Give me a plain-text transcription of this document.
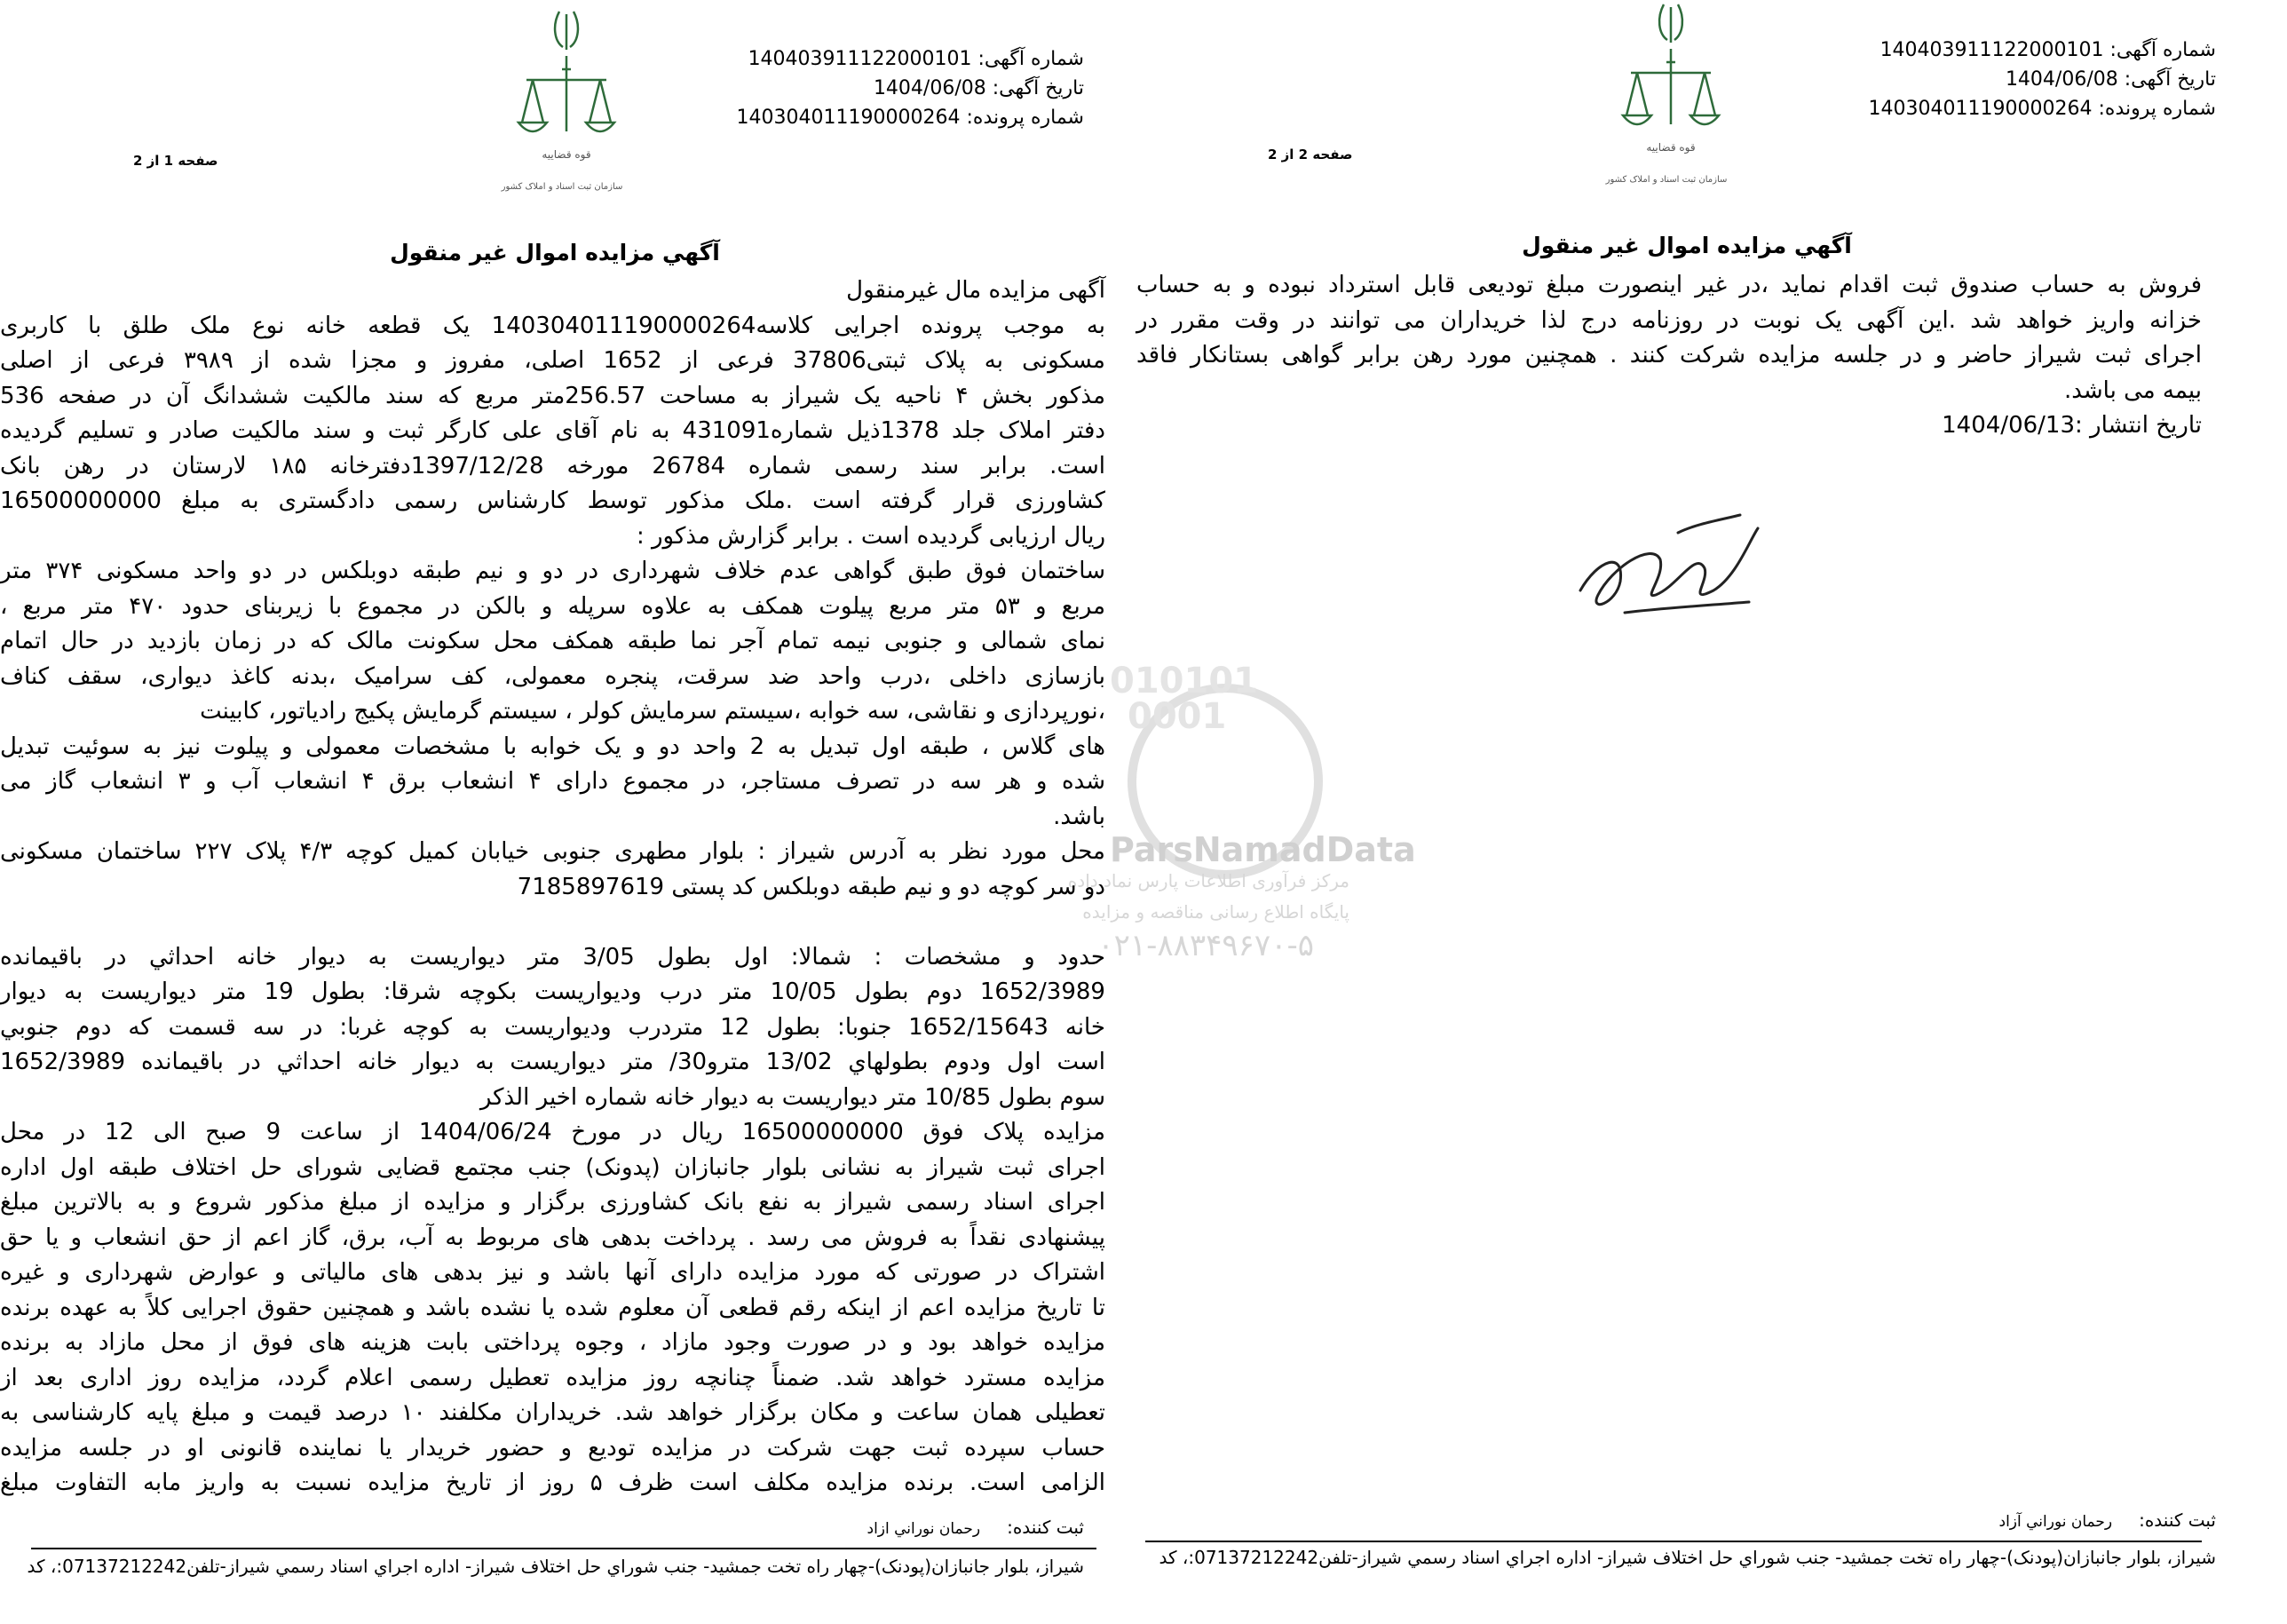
010101
0001
ParsNamadData
مرکز فرآوری اطلاعات پارس نماد داده
پایگاه اطلاع رسانی مناقصه و مزایده
۰۲۱-۸۸۳۴۹۶۷۰-۵
شماره آگهی: 140403911122000101
تاریخ آگهی: 1404/06/08
شماره پرونده: 140304011190000264
قوه قضاییه
سازمان ثبت اسناد و املاک کشور
صفحه 1 از 2
آگهي مزايده اموال غير منقول
آگهی مزایده مال غیرمنقول
به موجب پرونده اجرایی کلاسه140304011190000264 یک قطعه خانه نوع ملک طلق با کاربری
مسکونی به پلاک ثبتی37806 فرعی از 1652 اصلی، مفروز و مجزا شده از ۳۹۸۹ فرعی از اصلی
مذکور بخش ۴ ناحیه یک شیراز به مساحت 256.57متر مربع که سند مالکیت ششدانگ آن در صفحه 536
دفتر املاک جلد 1378ذیل شماره431091 به نام آقای علی کارگر ثبت و سند مالکیت صادر و تسلیم گردیده
است. برابر سند رسمی شماره 26784 مورخه 1397/12/28دفترخانه ۱۸۵ لارستان در رهن بانک
کشاورزی قرار گرفته است .ملک مذکور توسط کارشناس رسمی دادگستری به مبلغ 16500000000
ریال ارزیابی گردیده است . برابر گزارش مذکور :
ساختمان فوق طبق گواهی عدم خلاف شهرداری در دو و نیم طبقه دوبلکس در دو واحد مسکونی ۳۷۴ متر
مربع و ۵۳ متر مربع پیلوت همکف به علاوه سرپله و بالکن در مجموع با زیربنای حدود ۴۷۰ متر مربع ،
نمای شمالی و جنوبی نیمه تمام آجر نما طبقه همکف محل سکونت مالک که در زمان بازدید در حال اتمام
بازسازی داخلی ،درب واحد ضد سرقت، پنجره معمولی، کف سرامیک ،بدنه کاغذ دیواری، سقف کناف
،نورپردازی و نقاشی، سه خوابه ،سیستم سرمایش کولر ، سیستم گرمایش پکیج رادیاتور، کابینت
های گلاس ، طبقه اول تبدیل به 2 واحد دو و یک خوابه با مشخصات معمولی و پیلوت نیز به سوئیت تبدیل
شده و هر سه در تصرف مستاجر، در مجموع دارای ۴ انشعاب برق ۴ انشعاب آب و ۳ انشعاب گاز می
باشد.
محل مورد نظر به آدرس شیراز : بلوار مطهری جنوبی خیابان کمیل کوچه ۴/۳ پلاک ۲۲۷ ساختمان مسکونی
دو سر کوچه دو و نیم طبقه دوبلکس کد پستی 7185897619
حدود و مشخصات : شمالا: اول بطول 3/05 متر دیواریست به دیوار خانه احداثي در باقیمانده
1652/3989 دوم بطول 10/05 متر درب ودیواریست بکوچه شرقا: بطول 19 متر دیواریست به دیوار
خانه 1652/15643 جنوبا: بطول 12 متردرب ودیواریست به کوچه غربا: در سه قسمت که دوم جنوبي
است اول ودوم بطولهاي 13/02 مترو30/ متر دیواریست به دیوار خانه احداثي در باقیمانده 1652/3989
سوم بطول 10/85 متر دیواریست به دیوار خانه شماره اخیر الذکر
مزایده پلاک فوق 16500000000 ریال در مورخ 1404/06/24 از ساعت 9 صبح الی 12 در محل
اجرای ثبت شیراز به نشانی بلوار جانبازان (پدونک) جنب مجتمع قضایی شورای حل اختلاف طبقه اول اداره
اجرای اسناد رسمی شیراز به نفع بانک کشاورزی برگزار و مزایده از مبلغ مذکور شروع و به بالاترین مبلغ
پیشنهادی نقداً به فروش می رسد . پرداخت بدهی های مربوط به آب، برق، گاز اعم از حق انشعاب و یا حق
اشتراک در صورتی که مورد مزایده دارای آنها باشد و نیز بدهی های مالیاتی و عوارض شهرداری و غیره
تا تاریخ مزایده اعم از اینکه رقم قطعی آن معلوم شده یا نشده باشد و همچنین حقوق اجرایی کلاً به عهده برنده
مزایده خواهد بود و در صورت وجود مازاد ، وجوه پرداختی بابت هزینه های فوق از محل مازاد به برنده
مزایده مسترد خواهد شد. ضمناً چنانچه روز مزایده تعطیل رسمی اعلام گردد، مزایده روز اداری بعد از
تعطیلی همان ساعت و مکان برگزار خواهد شد. خریداران مکلفند ۱۰ درصد قیمت و مبلغ پایه کارشناسی به
حساب سپرده ثبت جهت شرکت در مزایده تودیع و حضور خریدار یا نماینده قانونی او در جلسه مزایده
الزامی است. برنده مزایده مکلف است ظرف ۵ روز از تاریخ مزایده نسبت به واریز مابه التفاوت مبلغ
ثبت کننده:رحمان نوراني ازاد
شيراز، بلوار جانبازان(پودنک)-چهار راه تخت جمشيد- جنب شوراي حل اختلاف شيراز- اداره اجراي اسناد رسمي شيراز-تلفن07137212242:، کد
شماره آگهی: 140403911122000101
تاریخ آگهی: 1404/06/08
شماره پرونده: 140304011190000264
قوه قضاییه
سازمان ثبت اسناد و املاک کشور
صفحه 2 از 2
آگهي مزايده اموال غير منقول
فروش به حساب صندوق ثبت اقدام نماید ،در غیر اینصورت مبلغ تودیعی قابل استرداد نبوده و به حساب
خزانه واریز خواهد شد .این آگهی یک نوبت در روزنامه درج لذا خریداران می توانند در وقت مقرر در
اجرای ثبت شیراز حاضر و در جلسه مزایده شرکت کنند . همچنین مورد رهن برابر گواهی بستانکار فاقد
بیمه می باشد.
تاریخ انتشار :1404/06/13
ثبت کننده:رحمان نوراني آزاد
شيراز، بلوار جانبازان(پودنک)-چهار راه تخت جمشيد- جنب شوراي حل اختلاف شيراز- اداره اجراي اسناد رسمي شيراز-تلفن07137212242:، کد
